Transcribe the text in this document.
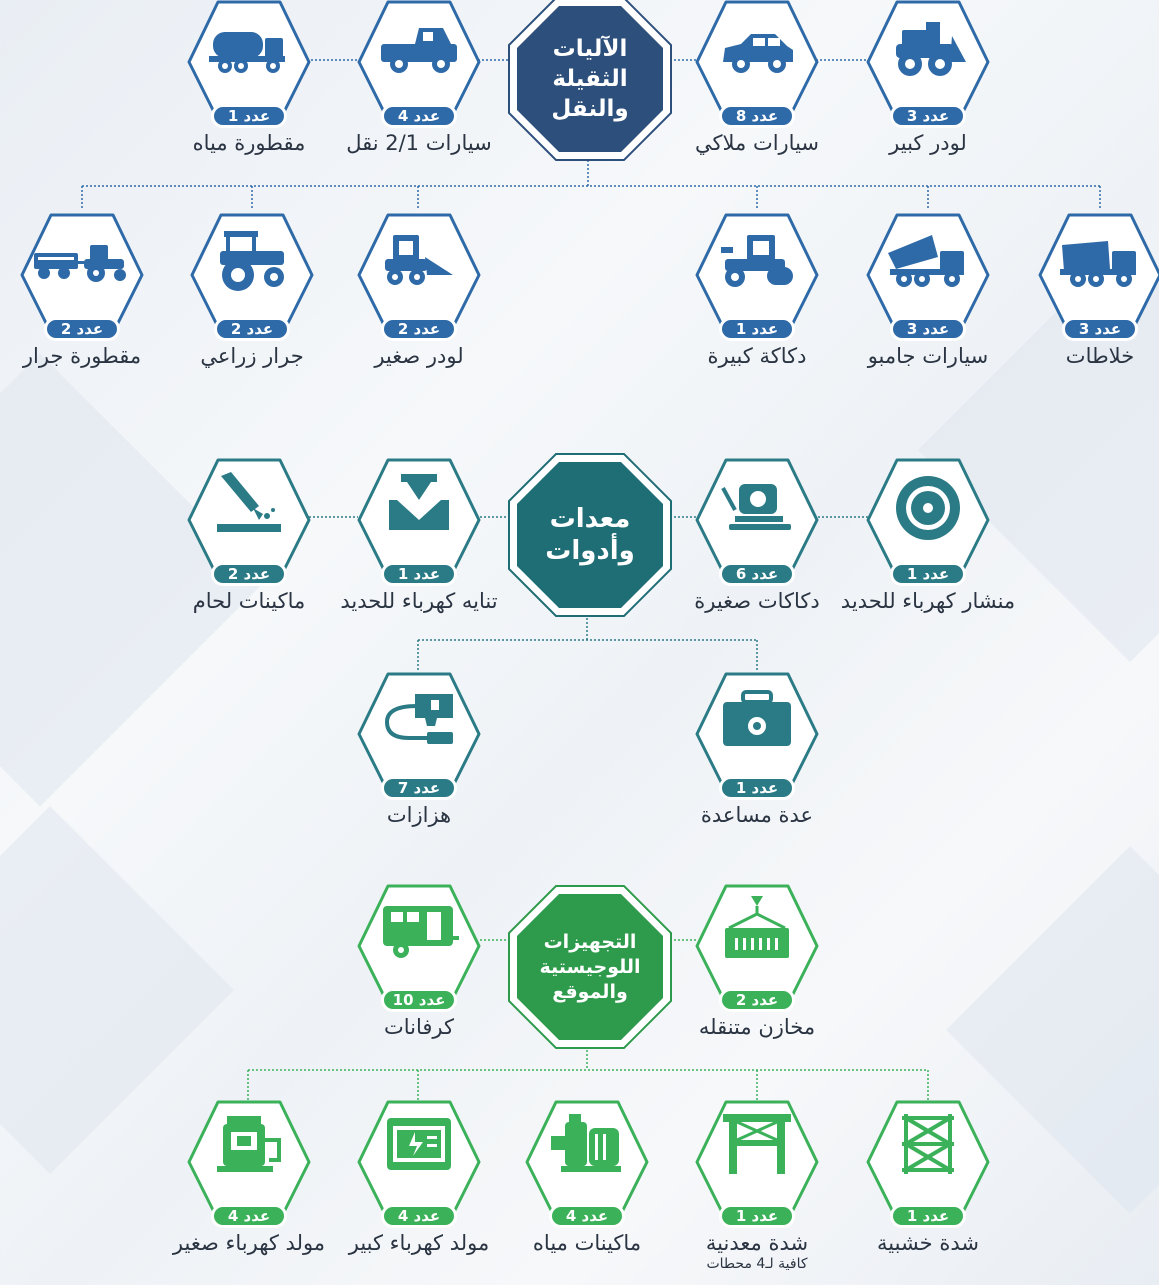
الآليات
الثقيلة
والنقل	عدد 3
لودر كبير
عدد 8
سيارات ملاكي
عدد 4
سيارات 2/1 نقل
عدد 1
مقطورة مياه
عدد 3
خلاطات
عدد 3
سيارات جامبو
عدد 1
دكاكة كبيرة
عدد 2
لودر صغير
عدد 2
جرار زراعي
عدد 2
مقطورة جرار
معدات
وأدوات
عدد 1
منشار كهرباء للحديد
عدد 6
دكاكات صغيرة
عدد 1
تنايه كهرباء للحديد
عدد 2
ماكينات لحام
عدد 1
عدة مساعدة
عدد 7
هزازات
التجهيزات
اللوجيستية
والموقع	عدد 2
مخازن متنقله
عدد 10
كرفانات
عدد 1
شدة خشبية
عدد 1
شدة معدنية
كافية لـ4 محطات
عدد 4
ماكينات مياه
عدد 4
مولد كهرباء كبير
عدد 4
مولد كهرباء صغير
